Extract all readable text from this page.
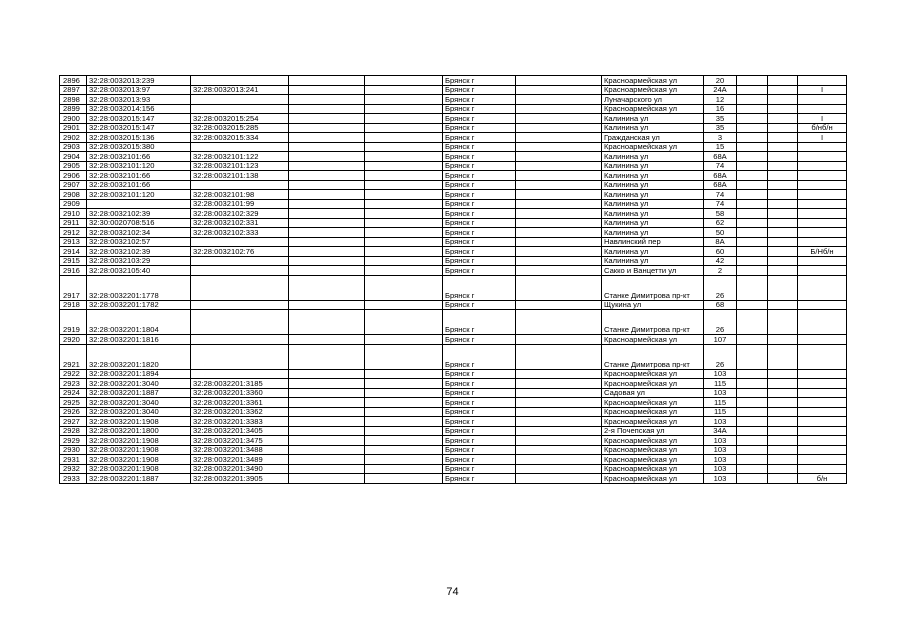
2896	32:28:0032013:239				Брянск г		Красноармейская ул	20			
2897	32:28:0032013:97	32:28:0032013:241			Брянск г		Красноармейская ул	24А			I
2898	32:28:0032013:93				Брянск г		Луначарского ул	12			
2899	32:28:0032014:156				Брянск г		Красноармейская ул	16			
2900	32:28:0032015:147	32:28:0032015:254			Брянск г		Калинина ул	35			I
2901	32:28:0032015:147	32:28:0032015:285			Брянск г		Калинина ул	35			б/нб/н
2902	32:28:0032015:136	32:28:0032015:334			Брянск г		Гражданская ул	3			I
2903	32:28:0032015:380				Брянск г		Красноармейская ул	15			
2904	32:28:0032101:66	32:28:0032101:122			Брянск г		Калинина ул	68А			
2905	32:28:0032101:120	32:28:0032101:123			Брянск г		Калинина ул	74			
2906	32:28:0032101:66	32:28:0032101:138			Брянск г		Калинина ул	68А			
2907	32:28:0032101:66				Брянск г		Калинина ул	68А			
2908	32:28:0032101:120	32:28:0032101:98			Брянск г		Калинина ул	74			
2909		32:28:0032101:99			Брянск г		Калинина ул	74			
2910	32:28:0032102:39	32:28:0032102:329			Брянск г		Калинина ул	58			
2911	32:30:0020708:516	32:28:0032102:331			Брянск г		Калинина ул	62			
2912	32:28:0032102:34	32:28:0032102:333			Брянск г		Калинина ул	50			
2913	32:28:0032102:57				Брянск г		Навлинский пер	8А			
2914	32:28:0032102:39	32:28:0032102:76			Брянск г		Калинина ул	60			Б/Нб/н
2915	32:28:0032103:29				Брянск г		Калинина ул	42			
2916	32:28:0032105:40				Брянск г		Сакко и Ванцетти ул	2			
2917	32:28:0032201:1778				Брянск г		Станке Димитрова пр-кт	26			
2918	32:28:0032201:1782				Брянск г		Щукина ул	68			
2919	32:28:0032201:1804				Брянск г		Станке Димитрова пр-кт	26			
2920	32:28:0032201:1816				Брянск г		Красноармейская ул	107			
2921	32:28:0032201:1820				Брянск г		Станке Димитрова пр-кт	26			
2922	32:28:0032201:1894				Брянск г		Красноармейская ул	103			
2923	32:28:0032201:3040	32:28:0032201:3185			Брянск г		Красноармейская ул	115			
2924	32:28:0032201:1887	32:28:0032201:3360			Брянск г		Садовая ул	103			
2925	32:28:0032201:3040	32:28:0032201:3361			Брянск г		Красноармейская ул	115			
2926	32:28:0032201:3040	32:28:0032201:3362			Брянск г		Красноармейская ул	115			
2927	32:28:0032201:1908	32:28:0032201:3383			Брянск г		Красноармейская ул	103			
2928	32:28:0032201:1800	32:28:0032201:3405			Брянск г		2-я Почепская ул	34А			
2929	32:28:0032201:1908	32:28:0032201:3475			Брянск г		Красноармейская ул	103			
2930	32:28:0032201:1908	32:28:0032201:3488			Брянск г		Красноармейская ул	103			
2931	32:28:0032201:1908	32:28:0032201:3489			Брянск г		Красноармейская ул	103			
2932	32:28:0032201:1908	32:28:0032201:3490			Брянск г		Красноармейская ул	103			
2933	32:28:0032201:1887	32:28:0032201:3905			Брянск г		Красноармейская ул	103			б/н
74
